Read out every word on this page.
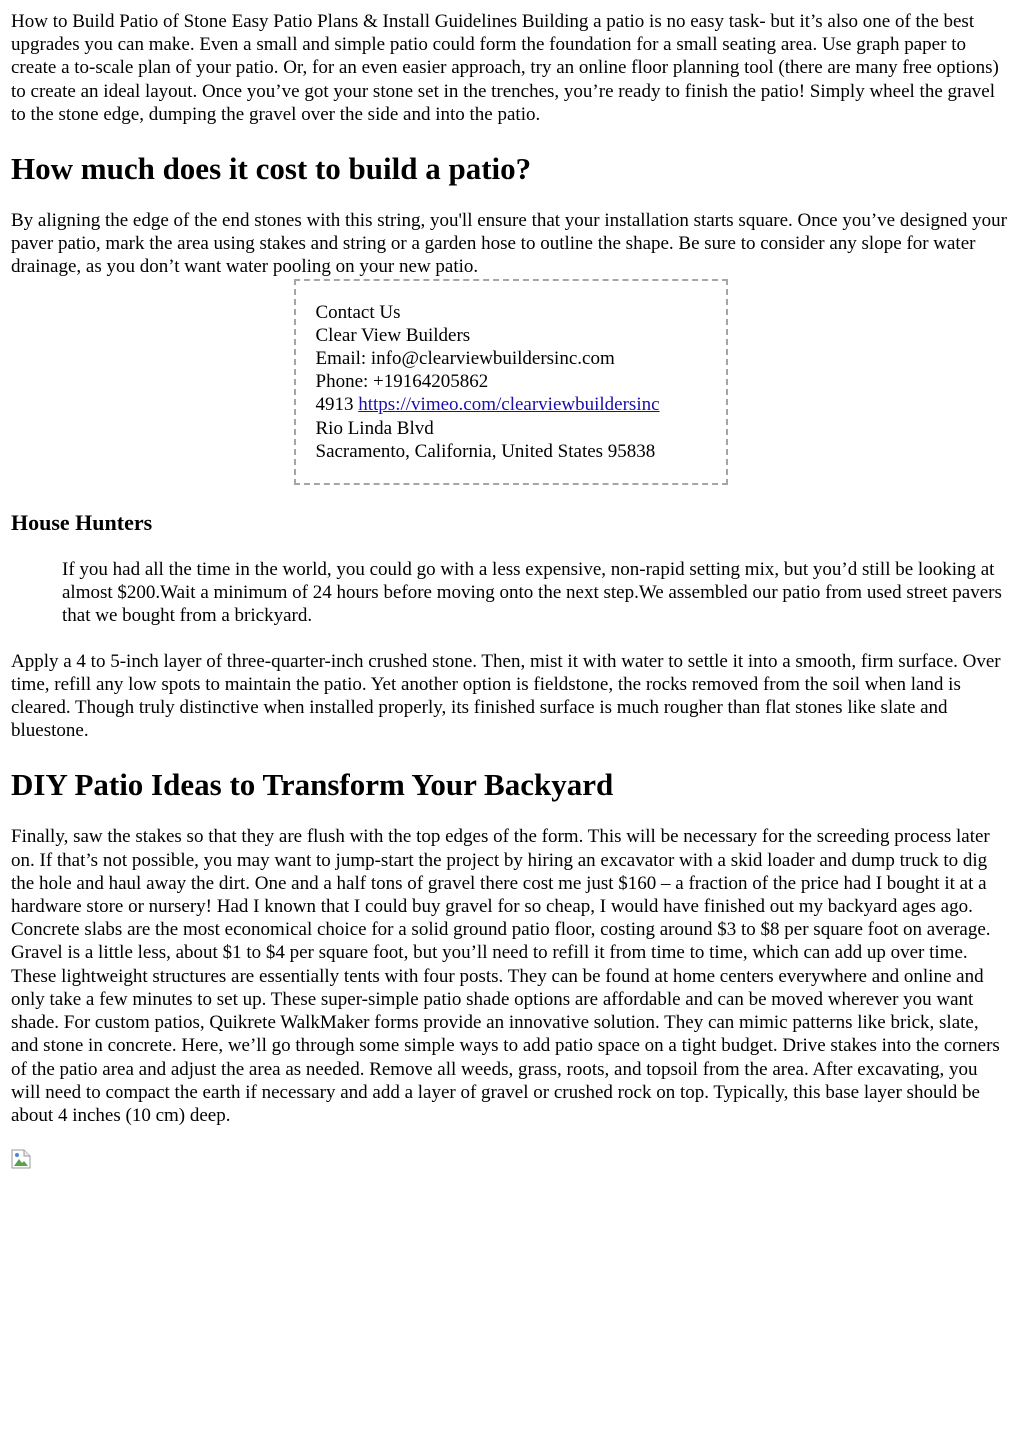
How to Build Patio of Stone Easy Patio Plans & Install Guidelines Building a patio is no easy task- but it’s also one of the best upgrades you can make. Even a small and simple patio could form the foundation for a small seating area. Use graph paper to create a to-scale plan of your patio. Or, for an even easier approach, try an online floor planning tool (there are many free options) to create an ideal layout. Once you’ve got your stone set in the trenches, you’re ready to finish the patio! Simply wheel the gravel to the stone edge, dumping the gravel over the side and into the patio.

How much does it cost to build a patio?

By aligning the edge of the end stones with this string, you'll ensure that your installation starts square. Once you’ve designed your paver patio, mark the area using stakes and string or a garden hose to outline the shape. Be sure to consider any slope for water drainage, as you don’t want water pooling on your new patio.

Contact Us
Clear View Builders
Email: info@clearviewbuildersinc.com
Phone: +19164205862
4913 https://vimeo.com/clearviewbuildersinc
Rio Linda Blvd
Sacramento, California, United States 95838
House Hunters
If you had all the time in the world, you could go with a less expensive, non-rapid setting mix, but you’d still be looking at almost $200.Wait a minimum of 24 hours before moving onto the next step.We assembled our patio from used street pavers that we bought from a brickyard.

Apply a 4 to 5-inch layer of three-quarter-inch crushed stone. Then, mist it with water to settle it into a smooth, firm surface. Over time, refill any low spots to maintain the patio. Yet another option is fieldstone, the rocks removed from the soil when land is cleared. Though truly distinctive when installed properly, its finished surface is much rougher than flat stones like slate and bluestone.

DIY Patio Ideas to Transform Your Backyard

Finally, saw the stakes so that they are flush with the top edges of the form. This will be necessary for the screeding process later on. If that’s not possible, you may want to jump-start the project by hiring an excavator with a skid loader and dump truck to dig the hole and haul away the dirt. One and a half tons of gravel there cost me just $160 – a fraction of the price had I bought it at a hardware store or nursery! Had I known that I could buy gravel for so cheap, I would have finished out my backyard ages ago. Concrete slabs are the most economical choice for a solid ground patio floor, costing around $3 to $8 per square foot on average. Gravel is a little less, about $1 to $4 per square foot, but you’ll need to refill it from time to time, which can add up over time. These lightweight structures are essentially tents with four posts. They can be found at home centers everywhere and online and only take a few minutes to set up. These super-simple patio shade options are affordable and can be moved wherever you want shade. For custom patios, Quikrete WalkMaker forms provide an innovative solution. They can mimic patterns like brick, slate, and stone in concrete. Here, we’ll go through some simple ways to add patio space on a tight budget. Drive stakes into the corners of the patio area and adjust the area as needed. Remove all weeds, grass, roots, and topsoil from the area. After excavating, you will need to compact the earth if necessary and add a layer of gravel or crushed rock on top. Typically, this base layer should be about 4 inches (10 cm) deep.
